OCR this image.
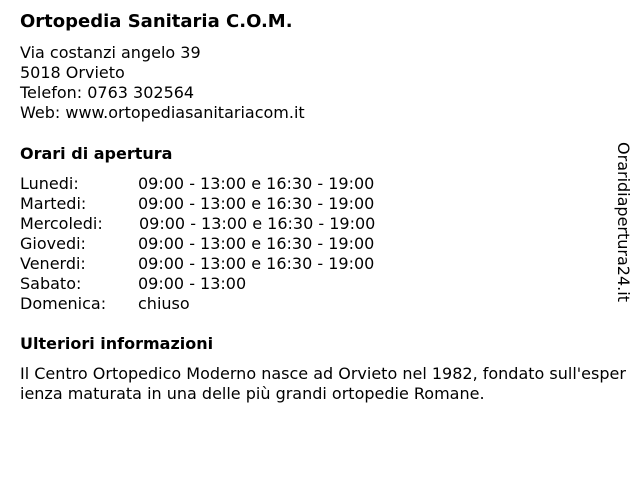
Ortopedia Sanitaria C.O.M.
Via costanzi angelo 39
5018 Orvieto
Telefon: 0763 302564
Web: www.ortopediasanitariacom.it
Orari di apertura
Lunedi:	09:00 - 13:00 e 16:30 - 19:00
Martedi:	09:00 - 13:00 e 16:30 - 19:00
Mercoledi: 09:00 - 13:00 e 16:30 - 19:00
Giovedi:	09:00 - 13:00 e 16:30 - 19:00
Venerdi:	09:00 - 13:00 e 16:30 - 19:00
Sabato:	09:00 - 13:00
Domenica: chiuso
Ulteriori informazioni

Il Centro Ortopedico Moderno nasce ad Orvieto nel 1982, fondato sull'esperienza maturata in una delle più grandi ortopedie Romane.

Oraridiapertura24.it
